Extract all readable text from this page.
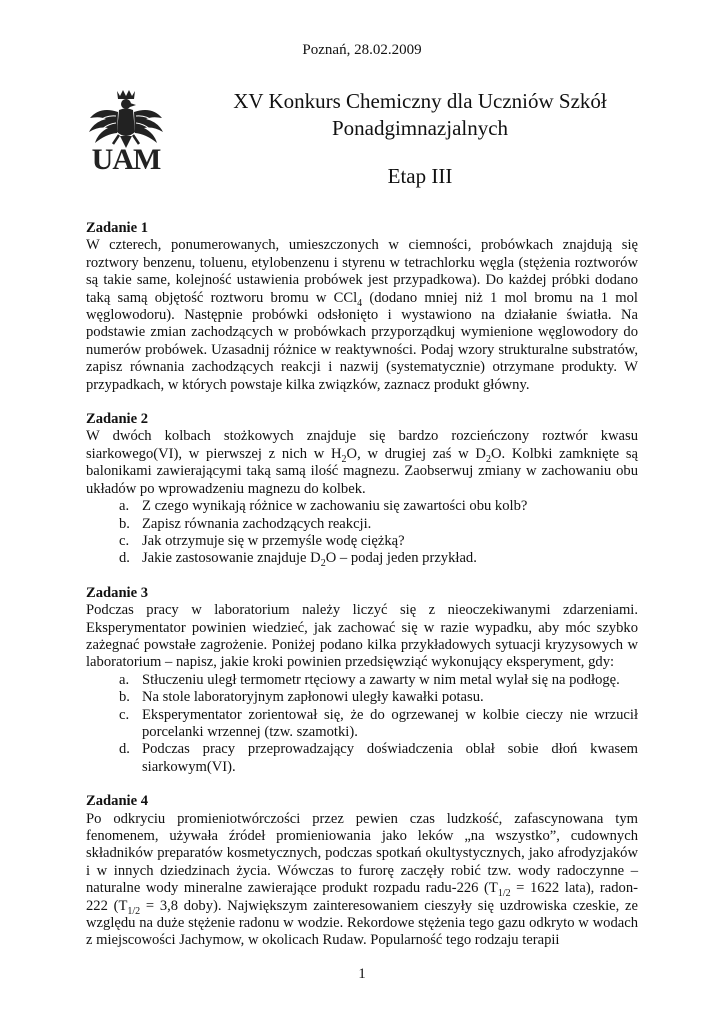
Poznań, 28.02.2009
UAM
XV Konkurs Chemiczny dla Uczniów Szkół
Ponadgimnazjalnych
Etap III
Zadanie 1

W czterech, ponumerowanych, umieszczonych w ciemności, probówkach znajdują się roztwory benzenu, toluenu, etylobenzenu i styrenu w tetrachlorku węgla (stężenia roztworów są takie same, kolejność ustawienia probówek jest przypadkowa). Do każdej próbki dodano taką samą objętość roztworu bromu w CCl$_4$ (dodano mniej niż 1 mol bromu na 1 mol węglowodoru). Następnie probówki odsłonięto i wystawiono na działanie światła. Na podstawie zmian zachodzących w probówkach przyporządkuj wymienione węglowodory do numerów probówek. Uzasadnij różnice w reaktywności. Podaj wzory strukturalne substratów, zapisz równania zachodzących reakcji i nazwij (systematycznie) otrzymane produkty. W przypadkach, w których powstaje kilka związków, zaznacz produkt główny.

Zadanie 2

W dwóch kolbach stożkowych znajduje się bardzo rozcieńczony roztwór kwasu siarkowego(VI), w pierwszej z nich w $H_2O$, w drugiej zaś w $D_2O$. Kolbki zamknięte są balonikami zawierającymi taką samą ilość magnezu. Zaobserwuj zmiany w zachowaniu obu układów po wprowadzeniu magnezu do kolbek.

a. Z czego wynikają różnice w zachowaniu się zawartości obu kolb?
b. Zapisz równania zachodzących reakcji.
c. Jak otrzymuje się w przemyśle wodę ciężką?
d. Jakie zastosowanie znajduje $D_2O$ – podaj jeden przykład.
Zadanie 3

Podczas pracy w laboratorium należy liczyć się z nieoczekiwanymi zdarzeniami. Eksperymentator powinien wiedzieć, jak zachować się w razie wypadku, aby móc szybko zażegnać powstałe zagrożenie. Poniżej podano kilka przykładowych sytuacji kryzysowych w laboratorium – napisz, jakie kroki powinien przedsięwziąć wykonujący eksperyment, gdy:

a. Stłuczeniu uległ termometr rtęciowy a zawarty w nim metal wylał się na podłogę.
b. Na stole laboratoryjnym zapłonowi uległy kawałki potasu.
c. Eksperymentator zorientował się, że do ogrzewanej w kolbie cieczy nie wrzucił porcelanki wrzennej (tzw. szamotki).
d. Podczas pracy przeprowadzający doświadczenia oblał sobie dłoń kwasem siarkowym(VI).
Zadanie 4

Po odkryciu promieniotwórczości przez pewien czas ludzkość, zafascynowana tym fenomenem, używała źródeł promieniowania jako leków „na wszystko”, cudownych składników preparatów kosmetycznych, podczas spotkań okultystycznych, jako afrodyzjaków i w innych dziedzinach życia. Wówczas to furorę zaczęły robić tzw. wody radoczynne – naturalne wody mineralne zawierające produkt rozpadu radu-226 ($T_{1/2} = 1622$ lata), radon-222 ($T_{1/2} = 3,8$ doby). Największym zainteresowaniem cieszyły się uzdrowiska czeskie, ze względu na duże stężenie radonu w wodzie. Rekordowe stężenia tego gazu odkryto w wodach z miejscowości Jachymow, w okolicach Rudaw. Popularność tego rodzaju terapii

1
